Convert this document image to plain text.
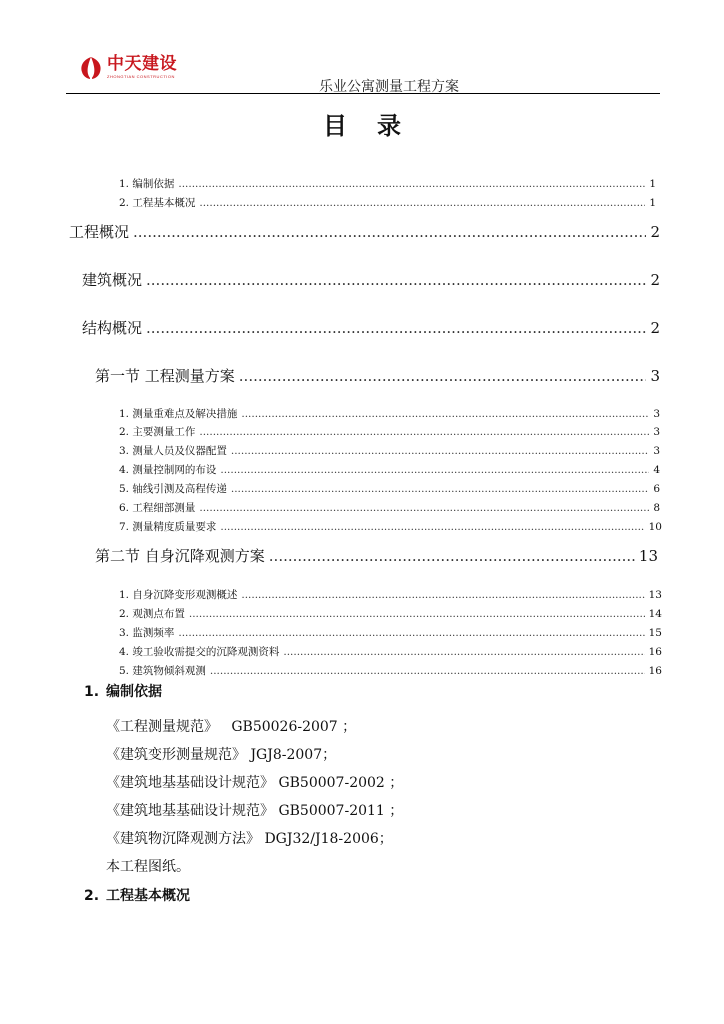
中天建设
ZHONGTIAN CONSTRUCTION
乐业公寓测量工程方案
目录
1. 编制依据 .....	1
2. 工程基本概况 .....	1
工程概况 .....	2
建筑概况 .....	2
结构概况 .....	2
第一节 工程测量方案 .....	3
1. 测量重难点及解决措施 .....	3
2. 主要测量工作 .....	3
3. 测量人员及仪器配置 .....	3
4. 测量控制网的布设 .....	4
5. 轴线引测及高程传递 .....	6
6. 工程细部测量 .....	8
7. 测量精度质量要求 .....	10
第二节 自身沉降观测方案 .....	13
1. 自身沉降变形观测概述 .....	13
2. 观测点布置 .....	14
3. 监测频率 .....	15
4. 竣工验收需提交的沉降观测资料 .....	16
5. 建筑物倾斜观测 .....	16
1. 编制依据
《工程测量规范》   GB50026-2007 ；
《建筑变形测量规范》 JGJ8-2007；
《建筑地基基础设计规范》 GB50007-2002 ；
《建筑地基基础设计规范》 GB50007-2011 ；
《建筑物沉降观测方法》 DGJ32/J18-2006；
本工程图纸。
2. 工程基本概况
